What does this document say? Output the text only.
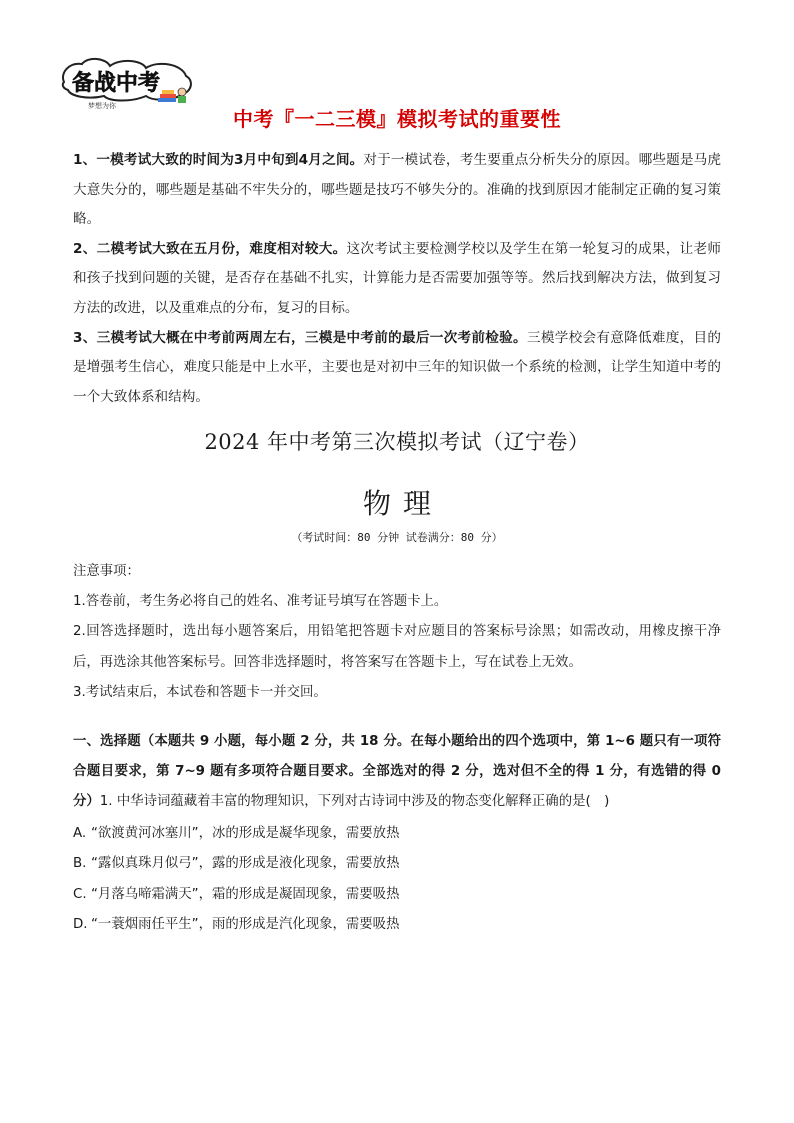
备战中考
梦想为你
中考『一二三模』模拟考试的重要性

1、一模考试大致的时间为3月中旬到4月之间。对于一模试卷，考生要重点分析失分的原因。哪些题是马虎大意失分的，哪些题是基础不牢失分的，哪些题是技巧不够失分的。准确的找到原因才能制定正确的复习策略。

2、二模考试大致在五月份，难度相对较大。这次考试主要检测学校以及学生在第一轮复习的成果，让老师和孩子找到问题的关键，是否存在基础不扎实，计算能力是否需要加强等等。然后找到解决方法，做到复习方法的改进，以及重难点的分布，复习的目标。

3、三模考试大概在中考前两周左右，三模是中考前的最后一次考前检验。三模学校会有意降低难度，目的是增强考生信心，难度只能是中上水平，主要也是对初中三年的知识做一个系统的检测，让学生知道中考的一个大致体系和结构。

2024 年中考第三次模拟考试（辽宁卷）
物理
（考试时间：80 分钟 试卷满分：80 分）

注意事项：

1.答卷前，考生务必将自己的姓名、准考证号填写在答题卡上。

2.回答选择题时，选出每小题答案后，用铅笔把答题卡对应题目的答案标号涂黑；如需改动，用橡皮擦干净后，再选涂其他答案标号。回答非选择题时，将答案写在答题卡上，写在试卷上无效。

3.考试结束后，本试卷和答题卡一并交回。

一、选择题（本题共 9 小题，每小题 2 分，共 18 分。在每小题给出的四个选项中，第 1~6 题只有一项符合题目要求，第 7~9 题有多项符合题目要求。全部选对的得 2 分，选对但不全的得 1 分，有选错的得 0 分）1. 中华诗词蕴藏着丰富的物理知识，下列对古诗词中涉及的物态变化解释正确的是(　)

A. “欲渡黄河冰塞川”，冰的形成是凝华现象，需要放热
B. “露似真珠月似弓”，露的形成是液化现象，需要放热
C. “月落乌啼霜满天”，霜的形成是凝固现象，需要吸热
D. “一蓑烟雨任平生”，雨的形成是汽化现象，需要吸热
